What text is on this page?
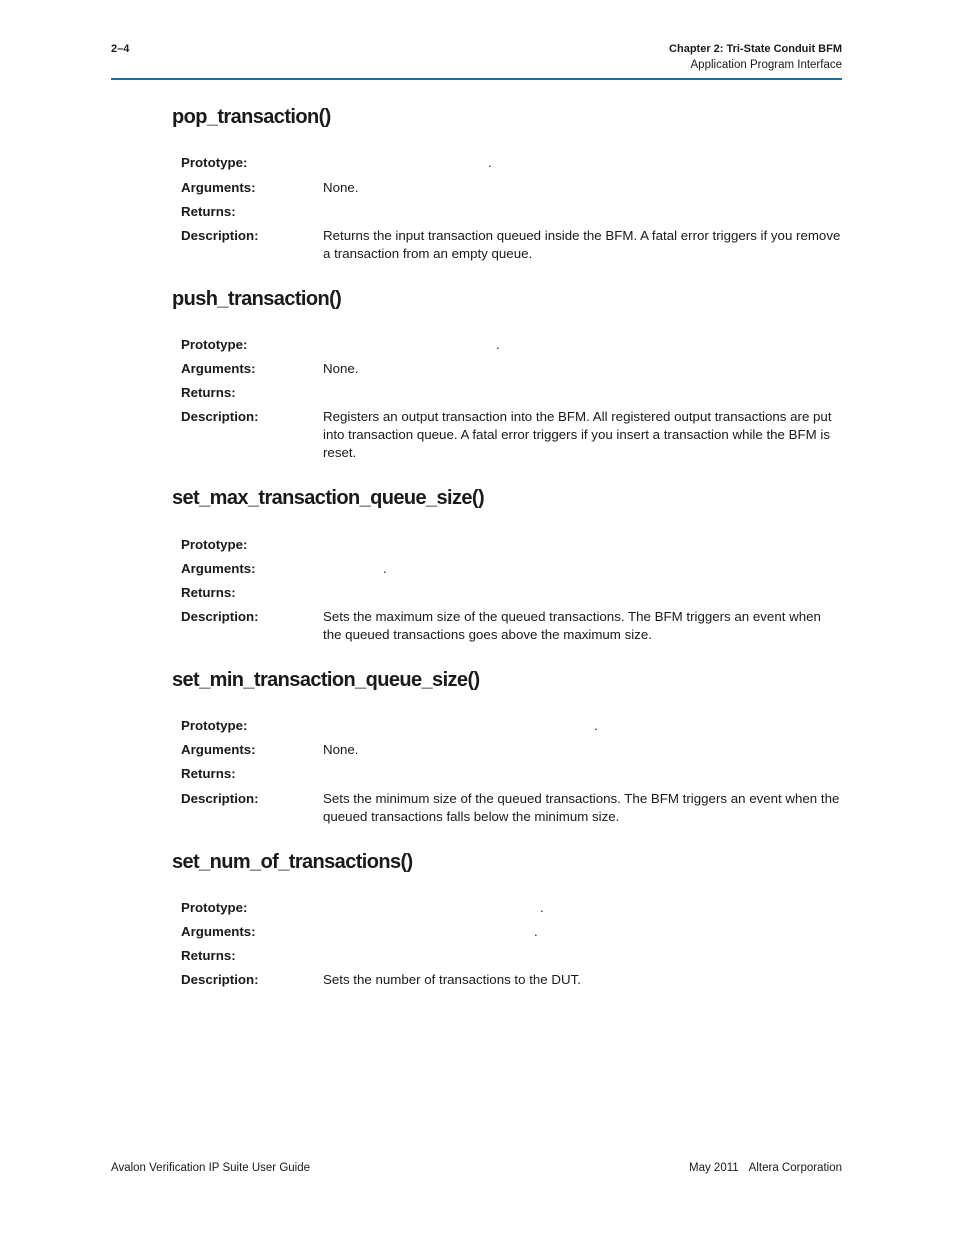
2–4	Chapter 2: Tri-State Conduit BFM
Application Program Interface
pop_transaction()
Prototype:	.
Arguments:	None.
Returns:
Description:	Returns the input transaction queued inside the BFM. A fatal error triggers if you remove a transaction from an empty queue.
push_transaction()
Prototype:	.
Arguments:	None.
Returns:
Description:	Registers an output transaction into the BFM. All registered output transactions are put into transaction queue. A fatal error triggers if you insert a transaction while the BFM is reset.
set_max_transaction_queue_size()
Prototype:
Arguments:	.
Returns:
Description:	Sets the maximum size of the queued transactions. The BFM triggers an event when the queued transactions goes above the maximum size.
set_min_transaction_queue_size()
Prototype:	.
Arguments:	None.
Returns:
Description:	Sets the minimum size of the queued transactions. The BFM triggers an event when the queued transactions falls below the minimum size.
set_num_of_transactions()
Prototype:	.
Arguments:	.
Returns:
Description:	Sets the number of transactions to the DUT.
Avalon Verification IP Suite User Guide	May 2011 Altera Corporation
